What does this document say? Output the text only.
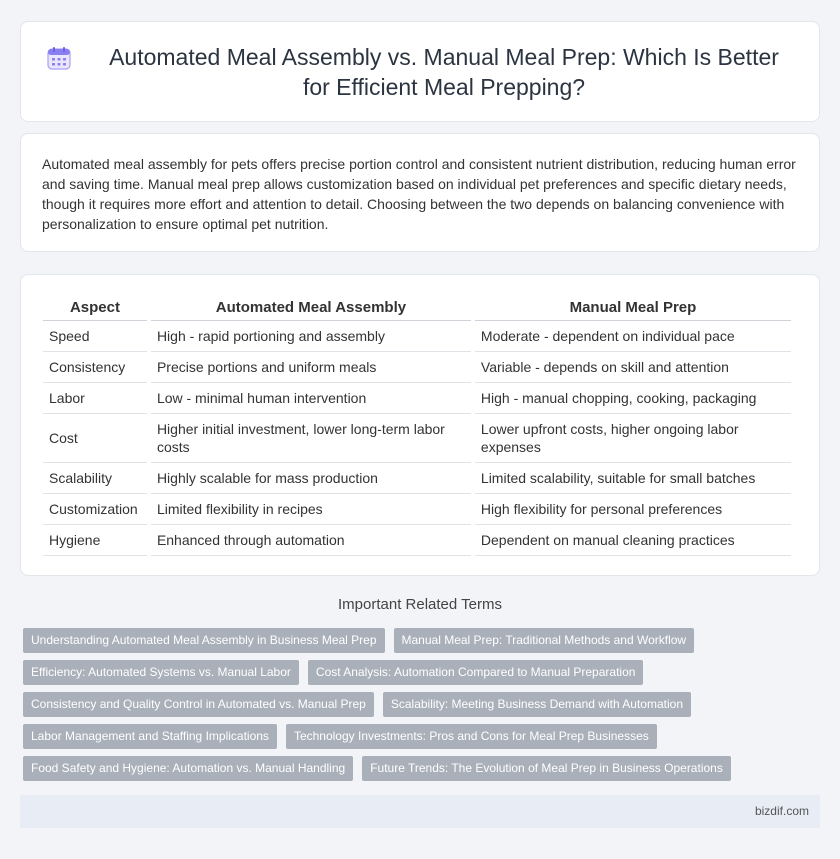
Automated Meal Assembly vs. Manual Meal Prep: Which Is Better for Efficient Meal Prepping?

Automated meal assembly for pets offers precise portion control and consistent nutrient distribution, reducing human error and saving time. Manual meal prep allows customization based on individual pet preferences and specific dietary needs, though it requires more effort and attention to detail. Choosing between the two depends on balancing convenience with personalization to ensure optimal pet nutrition.

Aspect	Automated Meal Assembly	Manual Meal Prep
Speed	High - rapid portioning and assembly	Moderate - dependent on individual pace
Consistency	Precise portions and uniform meals	Variable - depends on skill and attention
Labor	Low - minimal human intervention	High - manual chopping, cooking, packaging
Cost	Higher initial investment, lower long-term labor costs	Lower upfront costs, higher ongoing labor expenses
Scalability	Highly scalable for mass production	Limited scalability, suitable for small batches
Customization	Limited flexibility in recipes	High flexibility for personal preferences
Hygiene	Enhanced through automation	Dependent on manual cleaning practices
Important Related Terms
Understanding Automated Meal Assembly in Business Meal Prep	Manual Meal Prep: Traditional Methods and Workflow
Efficiency: Automated Systems vs. Manual Labor	Cost Analysis: Automation Compared to Manual Preparation
Consistency and Quality Control in Automated vs. Manual Prep	Scalability: Meeting Business Demand with Automation
Labor Management and Staffing Implications	Technology Investments: Pros and Cons for Meal Prep Businesses
Food Safety and Hygiene: Automation vs. Manual Handling	Future Trends: The Evolution of Meal Prep in Business Operations
bizdif.com
